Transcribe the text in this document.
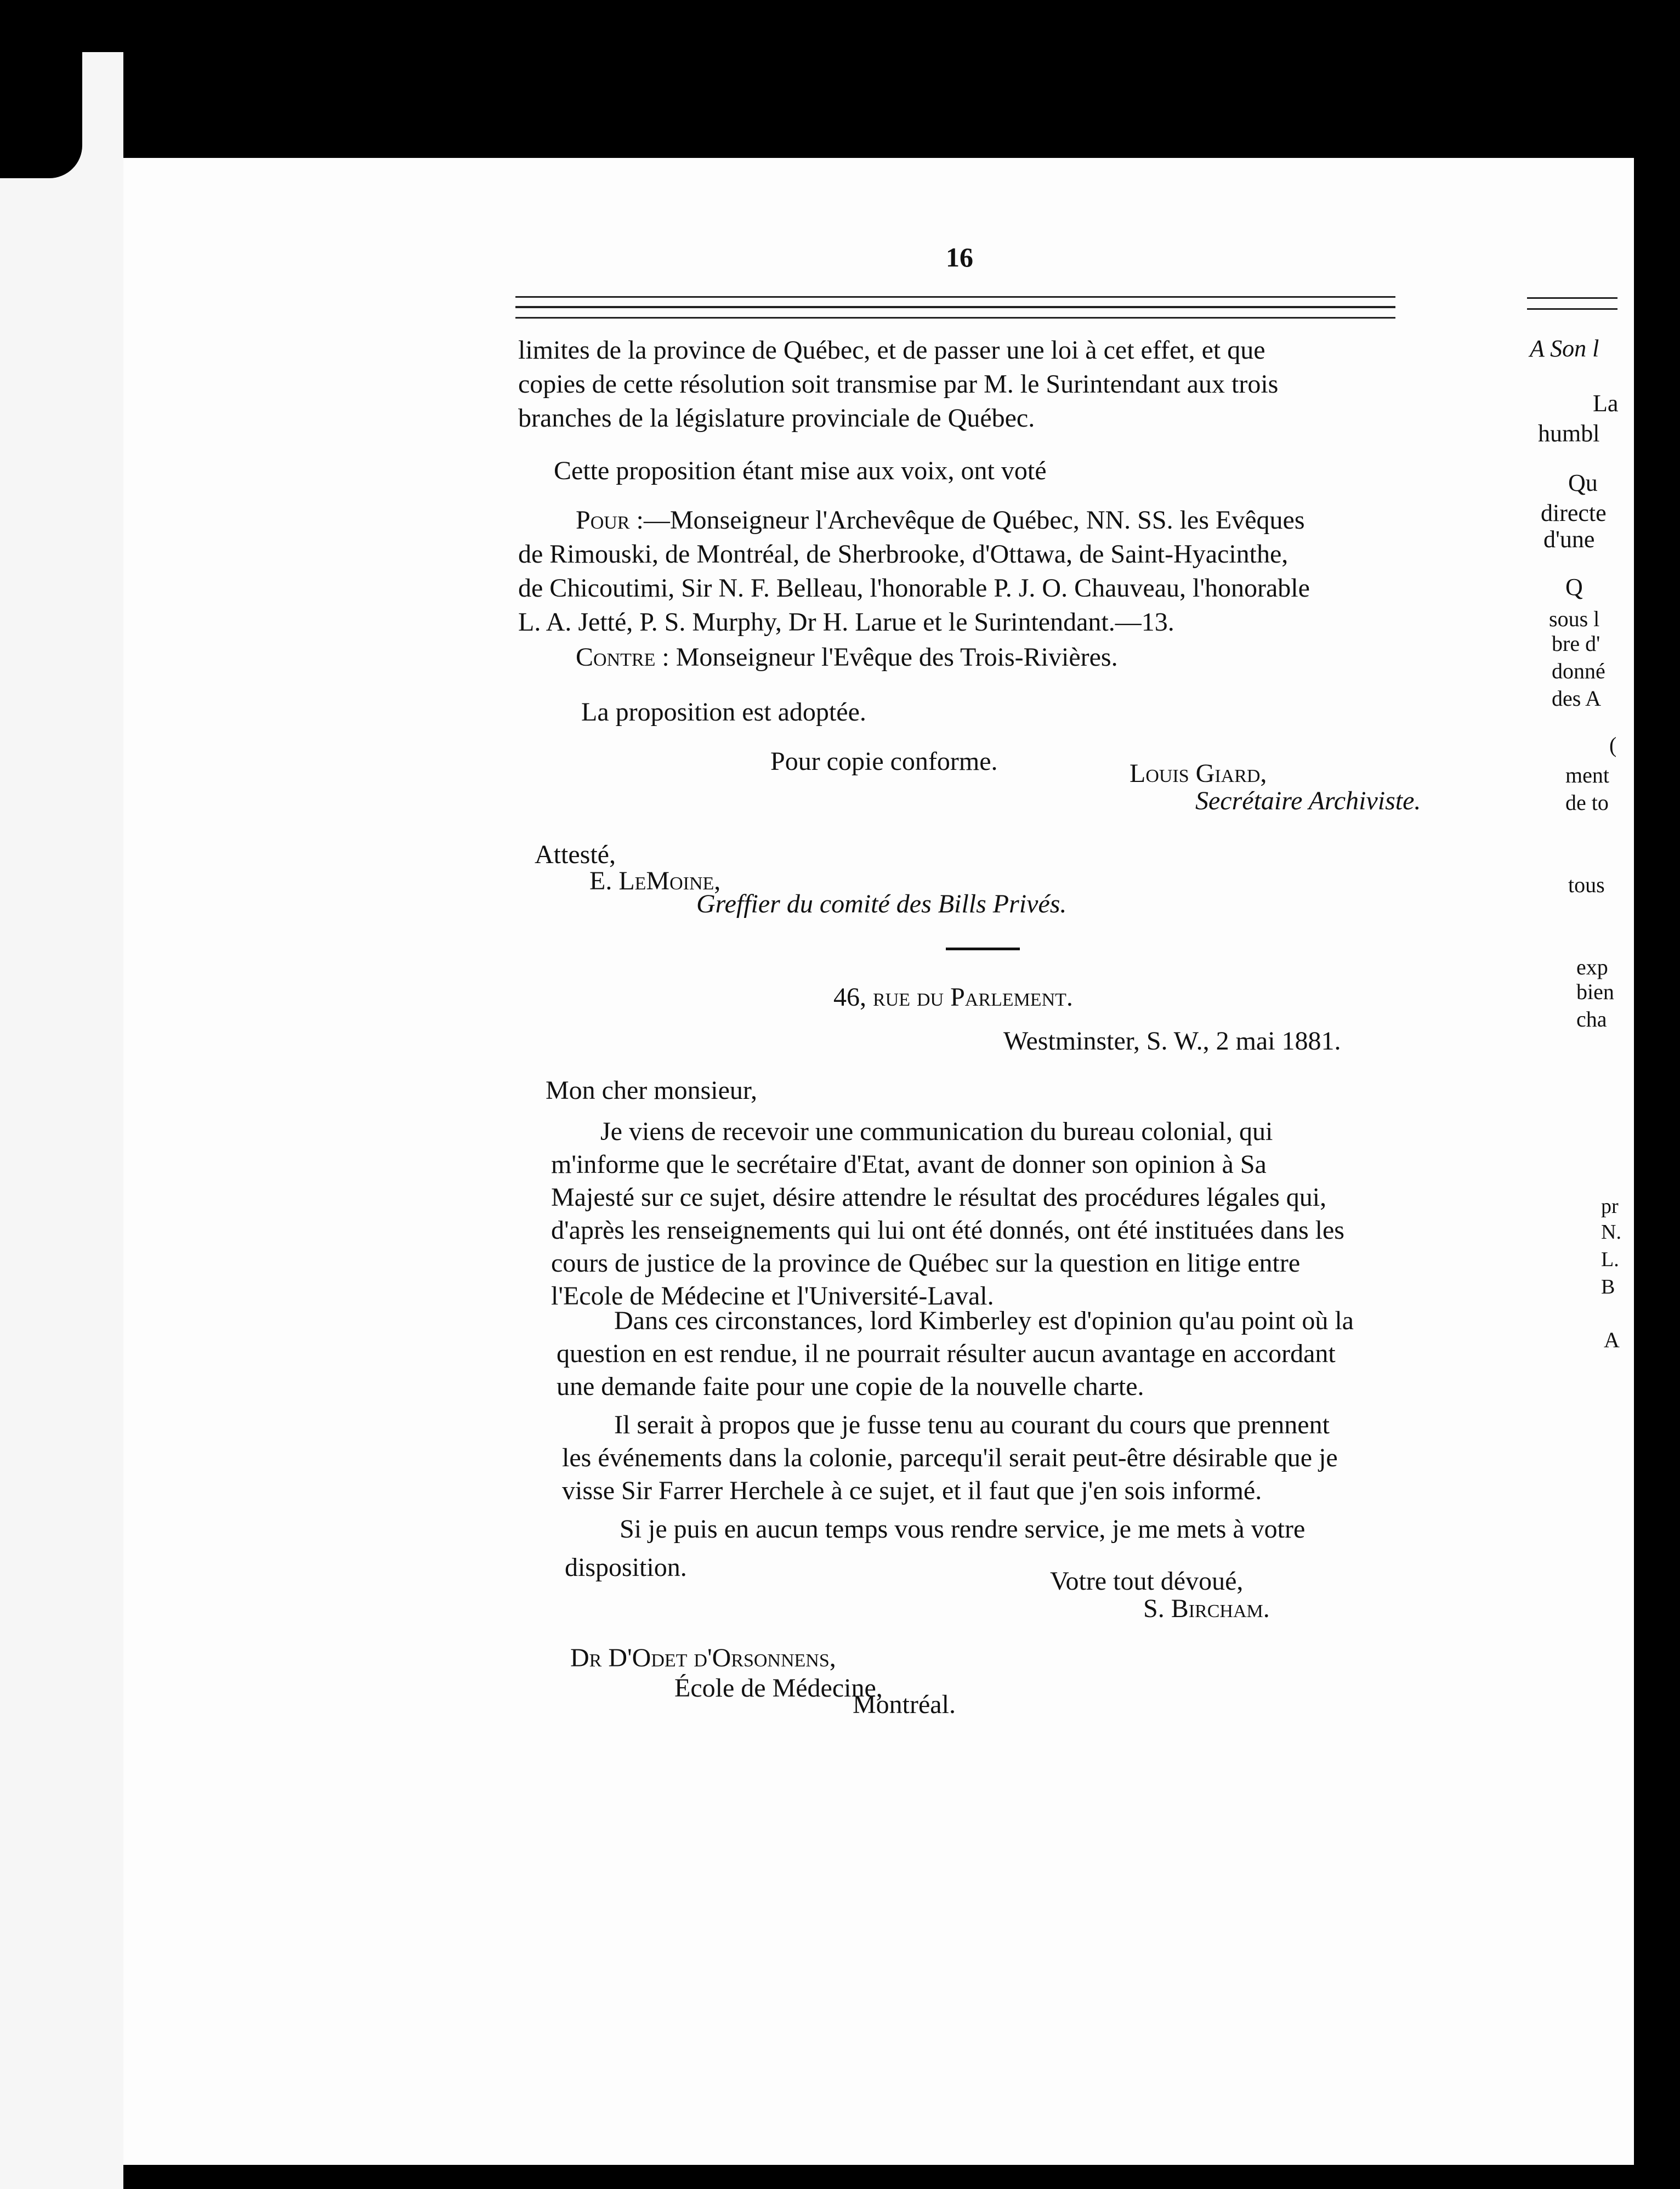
16
limites de la province de Québec, et de passer une loi à cet effet, et que
copies de cette résolution soit transmise par M. le Surintendant aux trois
branches de la législature provinciale de Québec.
Cette proposition étant mise aux voix, ont voté
Pour :—Monseigneur l'Archevêque de Québec, NN. SS. les Evêques
de Rimouski, de Montréal, de Sherbrooke, d'Ottawa, de Saint-Hyacinthe,
de Chicoutimi, Sir N. F. Belleau, l'honorable P. J. O. Chauveau, l'honorable
L. A. Jetté, P. S. Murphy, Dr H. Larue et le Surintendant.—13.
Contre : Monseigneur l'Evêque des Trois-Rivières.
La proposition est adoptée.
Pour copie conforme.	Louis Giard,
Secrétaire Archiviste.
Attesté,
E. LeMoine,
Greffier du comité des Bills Privés.
46, rue du Parlement.
Westminster, S. W., 2 mai 1881.
Mon cher monsieur,
Je viens de recevoir une communication du bureau colonial, qui
m'informe que le secrétaire d'Etat, avant de donner son opinion à Sa
Majesté sur ce sujet, désire attendre le résultat des procédures légales qui,
d'après les renseignements qui lui ont été donnés, ont été instituées dans les
cours de justice de la province de Québec sur la question en litige entre
l'Ecole de Médecine et l'Université-Laval.
Dans ces circonstances, lord Kimberley est d'opinion qu'au point où la
question en est rendue, il ne pourrait résulter aucun avantage en accordant
une demande faite pour une copie de la nouvelle charte.
Il serait à propos que je fusse tenu au courant du cours que prennent
les événements dans la colonie, parcequ'il serait peut-être désirable que je
visse Sir Farrer Herchele à ce sujet, et il faut que j'en sois informé.
Si je puis en aucun temps vous rendre service, je me mets à votre
disposition.	Votre tout dévoué,
S. Bircham.
Dr D'Odet d'Orsonnens,
École de Médecine,
Montréal.
A Son l
La
humbl
Qu
directe
d'une
Q
sous l
bre d'
donné
des A
(
ment
de to
tous
exp
bien
cha
pr
N.
L.
B
A
